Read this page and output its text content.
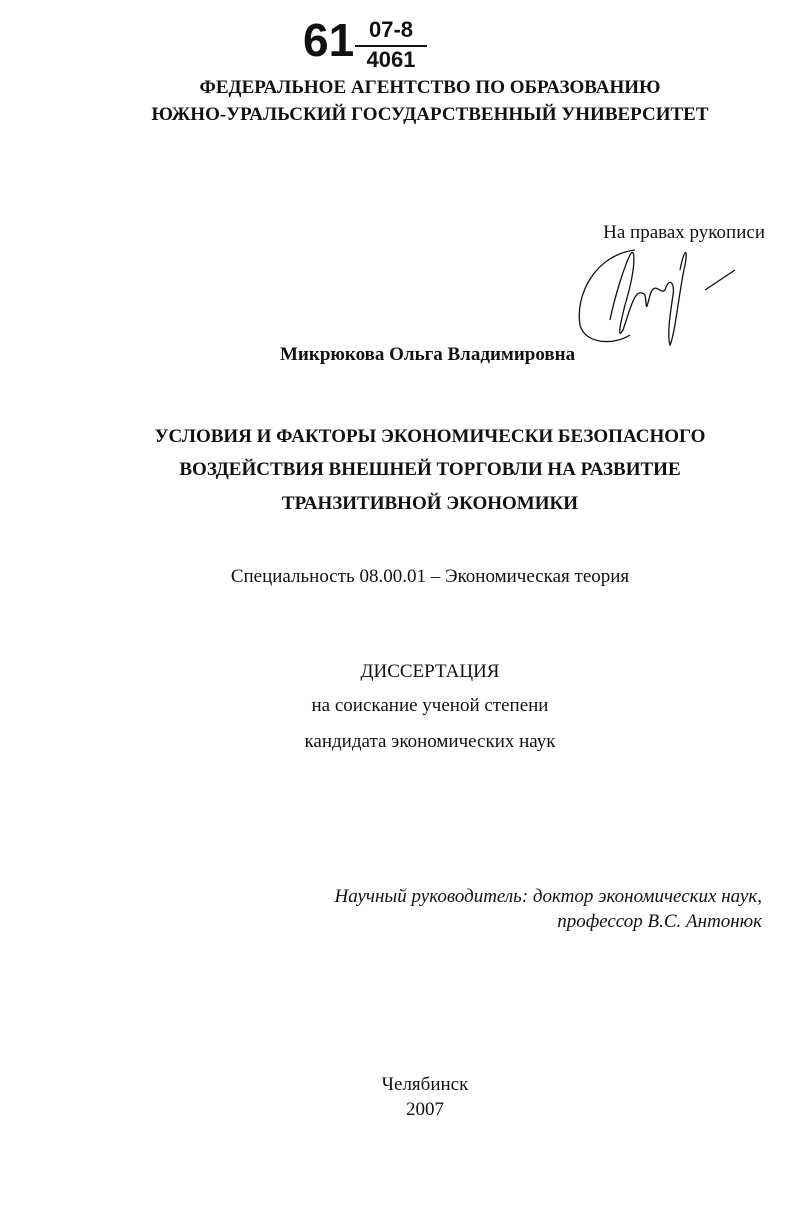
61 07-8
4061
ФЕДЕРАЛЬНОЕ АГЕНТСТВО ПО ОБРАЗОВАНИЮ
ЮЖНО-УРАЛЬСКИЙ ГОСУДАРСТВЕННЫЙ УНИВЕРСИТЕТ
На правах рукописи
Микрюкова Ольга Владимировна
УСЛОВИЯ И ФАКТОРЫ ЭКОНОМИЧЕСКИ БЕЗОПАСНОГО
ВОЗДЕЙСТВИЯ ВНЕШНЕЙ ТОРГОВЛИ НА РАЗВИТИЕ
ТРАНЗИТИВНОЙ ЭКОНОМИКИ
Специальность 08.00.01 – Экономическая теория
ДИССЕРТАЦИЯ
на соискание ученой степени
кандидата экономических наук
Научный руководитель: доктор экономических наук,
профессор В.С. Антонюк
Челябинск
2007
